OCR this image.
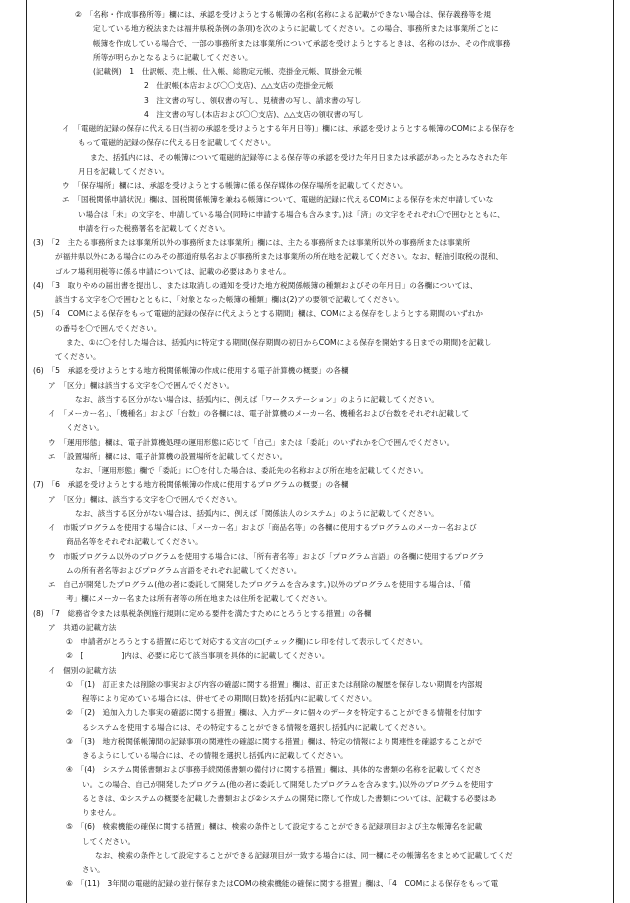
②　「名称・作成事務所等」欄には、承認を受けようとする帳簿の名称(名称による記載ができない場合は、保存義務等を規
定している地方税法または福井県税条例の条項)を次のように記載してください。この場合、事務所または事業所ごとに
帳簿を作成している場合で、一部の事務所または事業所について承認を受けようとするときは、名称のほか、その作成事務
所等が明らかとなるように記載してください。
(記載例)　1　仕訳帳、売上帳、仕入帳、総勘定元帳、売掛金元帳、買掛金元帳
2　仕訳帳(本店および〇〇支店)、△△支店の売掛金元帳
3　注文書の写し、領収書の写し、見積書の写し、請求書の写し
4　注文書の写し(本店および〇〇支店)、△△支店の領収書の写し
イ　「電磁的記録の保存に代える日(当初の承認を受けようとする年月日等)」欄には、承認を受けようとする帳簿のCOMによる保存を
もって電磁的記録の保存に代える日を記載してください。
また、括弧内には、その帳簿について電磁的記録等による保存等の承認を受けた年月日または承認があったとみなされた年
月日を記載してください。
ウ　「保存場所」欄には、承認を受けようとする帳簿に係る保存媒体の保存場所を記載してください。
エ　「国税関係申請状況」欄は、国税関係帳簿を兼ねる帳簿について、電磁的記録に代えるCOMによる保存を未だ申請していな
い場合は「未」の文字を、申請している場合(同時に申請する場合も含みます。)は「済」の文字をそれぞれ〇で囲むとともに、
申請を行った税務署名を記載してください。
(3)　「2　主たる事務所または事業所以外の事務所または事業所」欄には、主たる事務所または事業所以外の事務所または事業所
が福井県以外にある場合にのみその都道府県名および事務所または事業所の所在地を記載してください。なお、軽油引取税の混和、
ゴルフ場利用税等に係る申請については、記載の必要はありません。
(4)　「3　取りやめの届出書を提出し、または取消しの通知を受けた地方税関係帳簿の種類およびその年月日」の各欄については、
該当する文字を〇で囲むとともに、「対象となった帳簿の種類」欄は(2)アの要領で記載してください。
(5)　「4　COMによる保存をもって電磁的記録の保存に代えようとする期間」欄は、COMによる保存をしようとする期間のいずれか
の番号を〇で囲んでください。
また、①に〇を付した場合は、括弧内に特定する期間(保存期間の初日からCOMによる保存を開始する日までの期間)を記載し
てください。
(6)　「5　承認を受けようとする地方税関係帳簿の作成に使用する電子計算機の概要」の各欄
ア　「区分」欄は該当する文字を〇で囲んでください。
なお、該当する区分がない場合は、括弧内に、例えば「ワークステーション」のように記載してください。
イ　「メーカー名」、「機種名」および「台数」の各欄には、電子計算機のメーカー名、機種名および台数をそれぞれ記載して
ください。
ウ　「運用形態」欄は、電子計算機処理の運用形態に応じて「自己」または「委託」のいずれかを〇で囲んでください。
エ　「設置場所」欄には、電子計算機の設置場所を記載してください。
なお、「運用形態」欄で「委託」に〇を付した場合は、委託先の名称および所在地を記載してください。
(7)　「6　承認を受けようとする地方税関係帳簿の作成に使用するプログラムの概要」の各欄
ア　「区分」欄は、該当する文字を〇で囲んでください。
なお、該当する区分がない場合は、括弧内に、例えば「関係法人のシステム」のように記載してください。
イ　市販プログラムを使用する場合には、「メーカー名」および「商品名等」の各欄に使用するプログラムのメーカー名および
商品名等をそれぞれ記載してください。
ウ　市販プログラム以外のプログラムを使用する場合には、「所有者名等」および「プログラム言語」の各欄に使用するプログラ
ムの所有者名等およびプログラム言語をそれぞれ記載してください。
エ　自己が開発したプログラム(他の者に委託して開発したプログラムを含みます。)以外のプログラムを使用する場合は、「備
考」欄にメーカー名または所有者等の所在地または住所を記載してください。
(8)　「7　総務省令または県税条例施行規則に定める要件を満たすためにとろうとする措置」の各欄
ア　共通の記載方法
①　申請者がとろうとする措置に応じて対応する文言の□(チェック欄)にレ印を付して表示してください。
②　[　　　　　]内は、必要に応じて該当事項を具体的に記載してください。
イ　個別の記載方法
①　「(1)　訂正または削除の事実および内容の確認に関する措置」欄は、訂正または削除の履歴を保存しない期間を内部規
程等により定めている場合には、併せてその期間(日数)を括弧内に記載してください。
②　「(2)　追加入力した事実の確認に関する措置」欄は、入力データに個々のデータを特定することができる情報を付加す
るシステムを使用する場合には、その特定することができる情報を選択し括弧内に記載してください。
③　「(3)　地方税関係帳簿間の記録事項の関連性の確認に関する措置」欄は、特定の情報により関連性を確認することがで
きるようにしている場合には、その情報を選択し括弧内に記載してください。
④　「(4)　システム関係書類および事務手続関係書類の備付けに関する措置」欄は、具体的な書類の名称を記載してくださ
い。この場合、自己が開発したプログラム(他の者に委託して開発したプログラムを含みます。)以外のプログラムを使用す
るときは、①システムの概要を記載した書類および②システムの開発に際して作成した書類については、記載する必要はあ
りません。
⑤　「(6)　検索機能の確保に関する措置」欄は、検索の条件として設定することができる記録項目および主な帳簿名を記載
してください。
なお、検索の条件として設定することができる記録項目が一致する場合には、同一欄にその帳簿名をまとめて記載してくだ
さい。
⑥　「(11)　3年間の電磁的記録の並行保存またはCOMの検索機能の確保に関する措置」欄は、「4　COMによる保存をもって電
